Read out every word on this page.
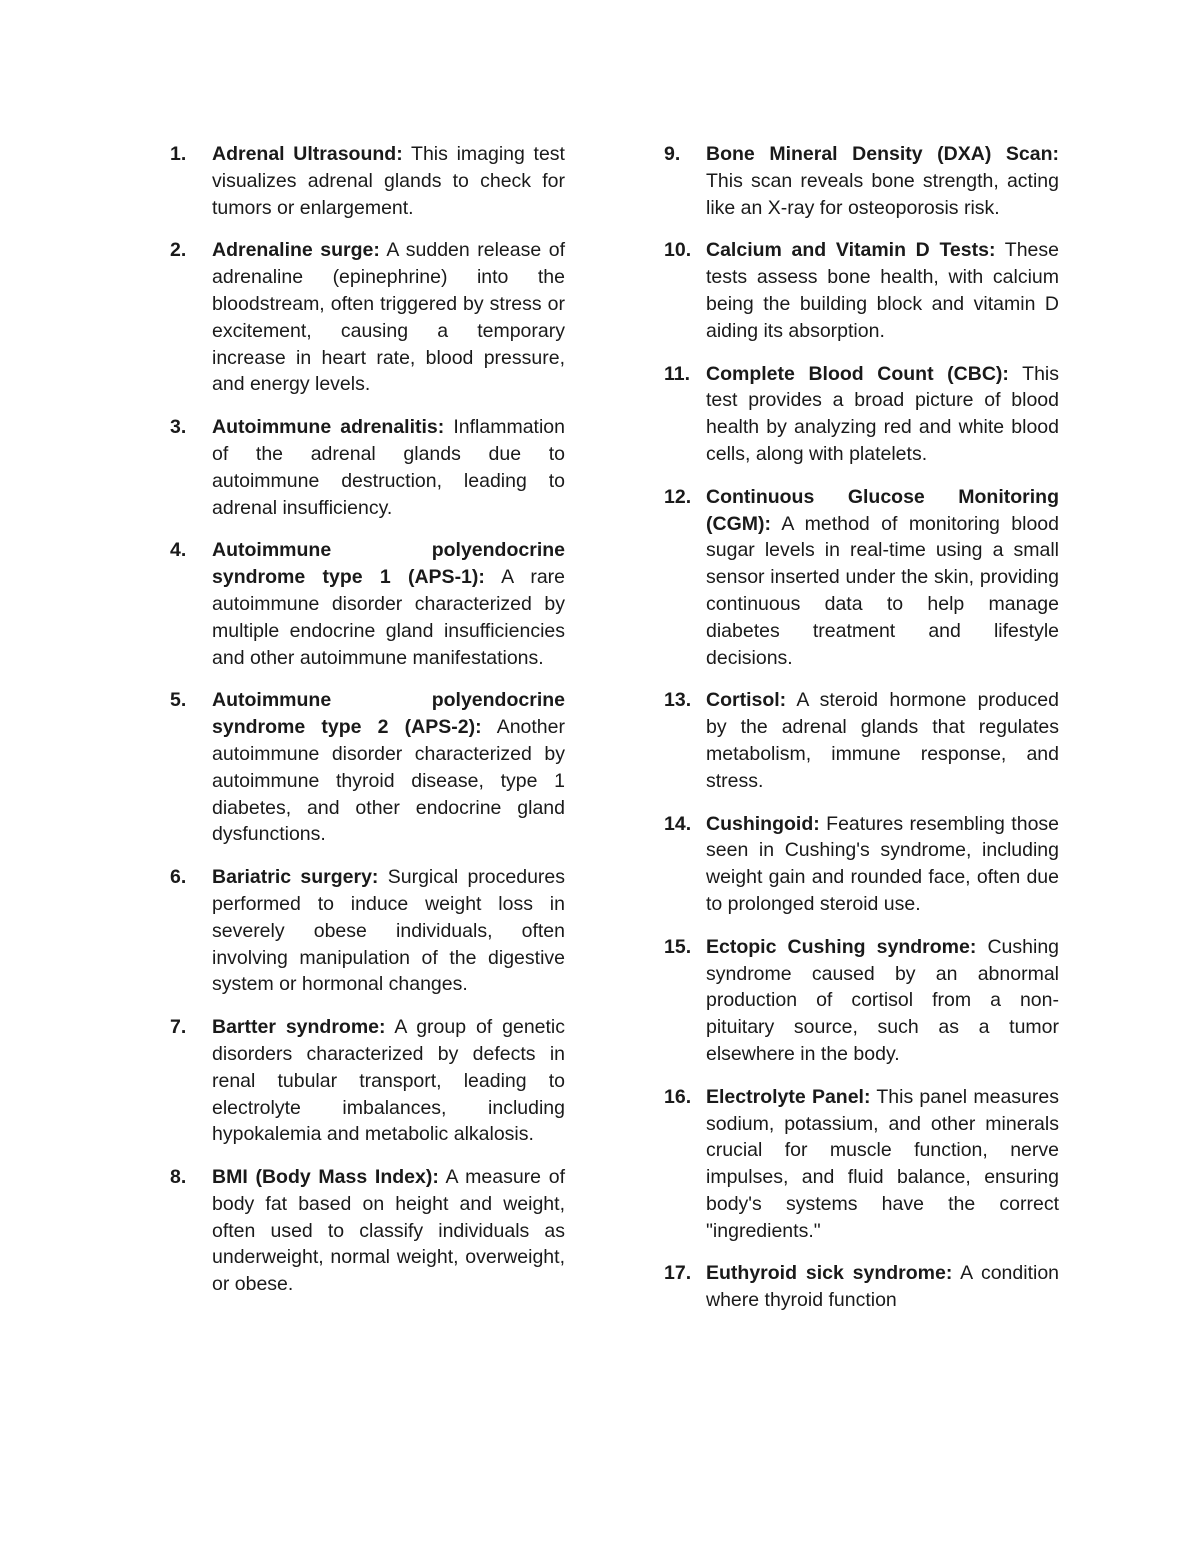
1. Adrenal Ultrasound: This imaging test visualizes adrenal glands to check for tumors or enlargement.
2. Adrenaline surge: A sudden release of adrenaline (epinephrine) into the bloodstream, often triggered by stress or excitement, causing a temporary increase in heart rate, blood pressure, and energy levels.
3. Autoimmune adrenalitis: Inflammation of the adrenal glands due to autoimmune destruction, leading to adrenal insufficiency.
4. Autoimmune polyendocrine syndrome type 1 (APS-1): A rare autoimmune disorder characterized by multiple endocrine gland insufficiencies and other autoimmune manifestations.
5. Autoimmune polyendocrine syndrome type 2 (APS-2): Another autoimmune disorder characterized by autoimmune thyroid disease, type 1 diabetes, and other endocrine gland dysfunctions.
6. Bariatric surgery: Surgical procedures performed to induce weight loss in severely obese individuals, often involving manipulation of the digestive system or hormonal changes.
7. Bartter syndrome: A group of genetic disorders characterized by defects in renal tubular transport, leading to electrolyte imbalances, including hypokalemia and metabolic alkalosis.
8. BMI (Body Mass Index): A measure of body fat based on height and weight, often used to classify individuals as underweight, normal weight, overweight, or obese.
9. Bone Mineral Density (DXA) Scan: This scan reveals bone strength, acting like an X-ray for osteoporosis risk.
10. Calcium and Vitamin D Tests: These tests assess bone health, with calcium being the building block and vitamin D aiding its absorption.
11. Complete Blood Count (CBC): This test provides a broad picture of blood health by analyzing red and white blood cells, along with platelets.
12. Continuous Glucose Monitoring (CGM): A method of monitoring blood sugar levels in real-time using a small sensor inserted under the skin, providing continuous data to help manage diabetes treatment and lifestyle decisions.
13. Cortisol: A steroid hormone produced by the adrenal glands that regulates metabolism, immune response, and stress.
14. Cushingoid: Features resembling those seen in Cushing's syndrome, including weight gain and rounded face, often due to prolonged steroid use.
15. Ectopic Cushing syndrome: Cushing syndrome caused by an abnormal production of cortisol from a non-pituitary source, such as a tumor elsewhere in the body.
16. Electrolyte Panel: This panel measures sodium, potassium, and other minerals crucial for muscle function, nerve impulses, and fluid balance, ensuring body's systems have the correct "ingredients."
17. Euthyroid sick syndrome: A condition where thyroid function
